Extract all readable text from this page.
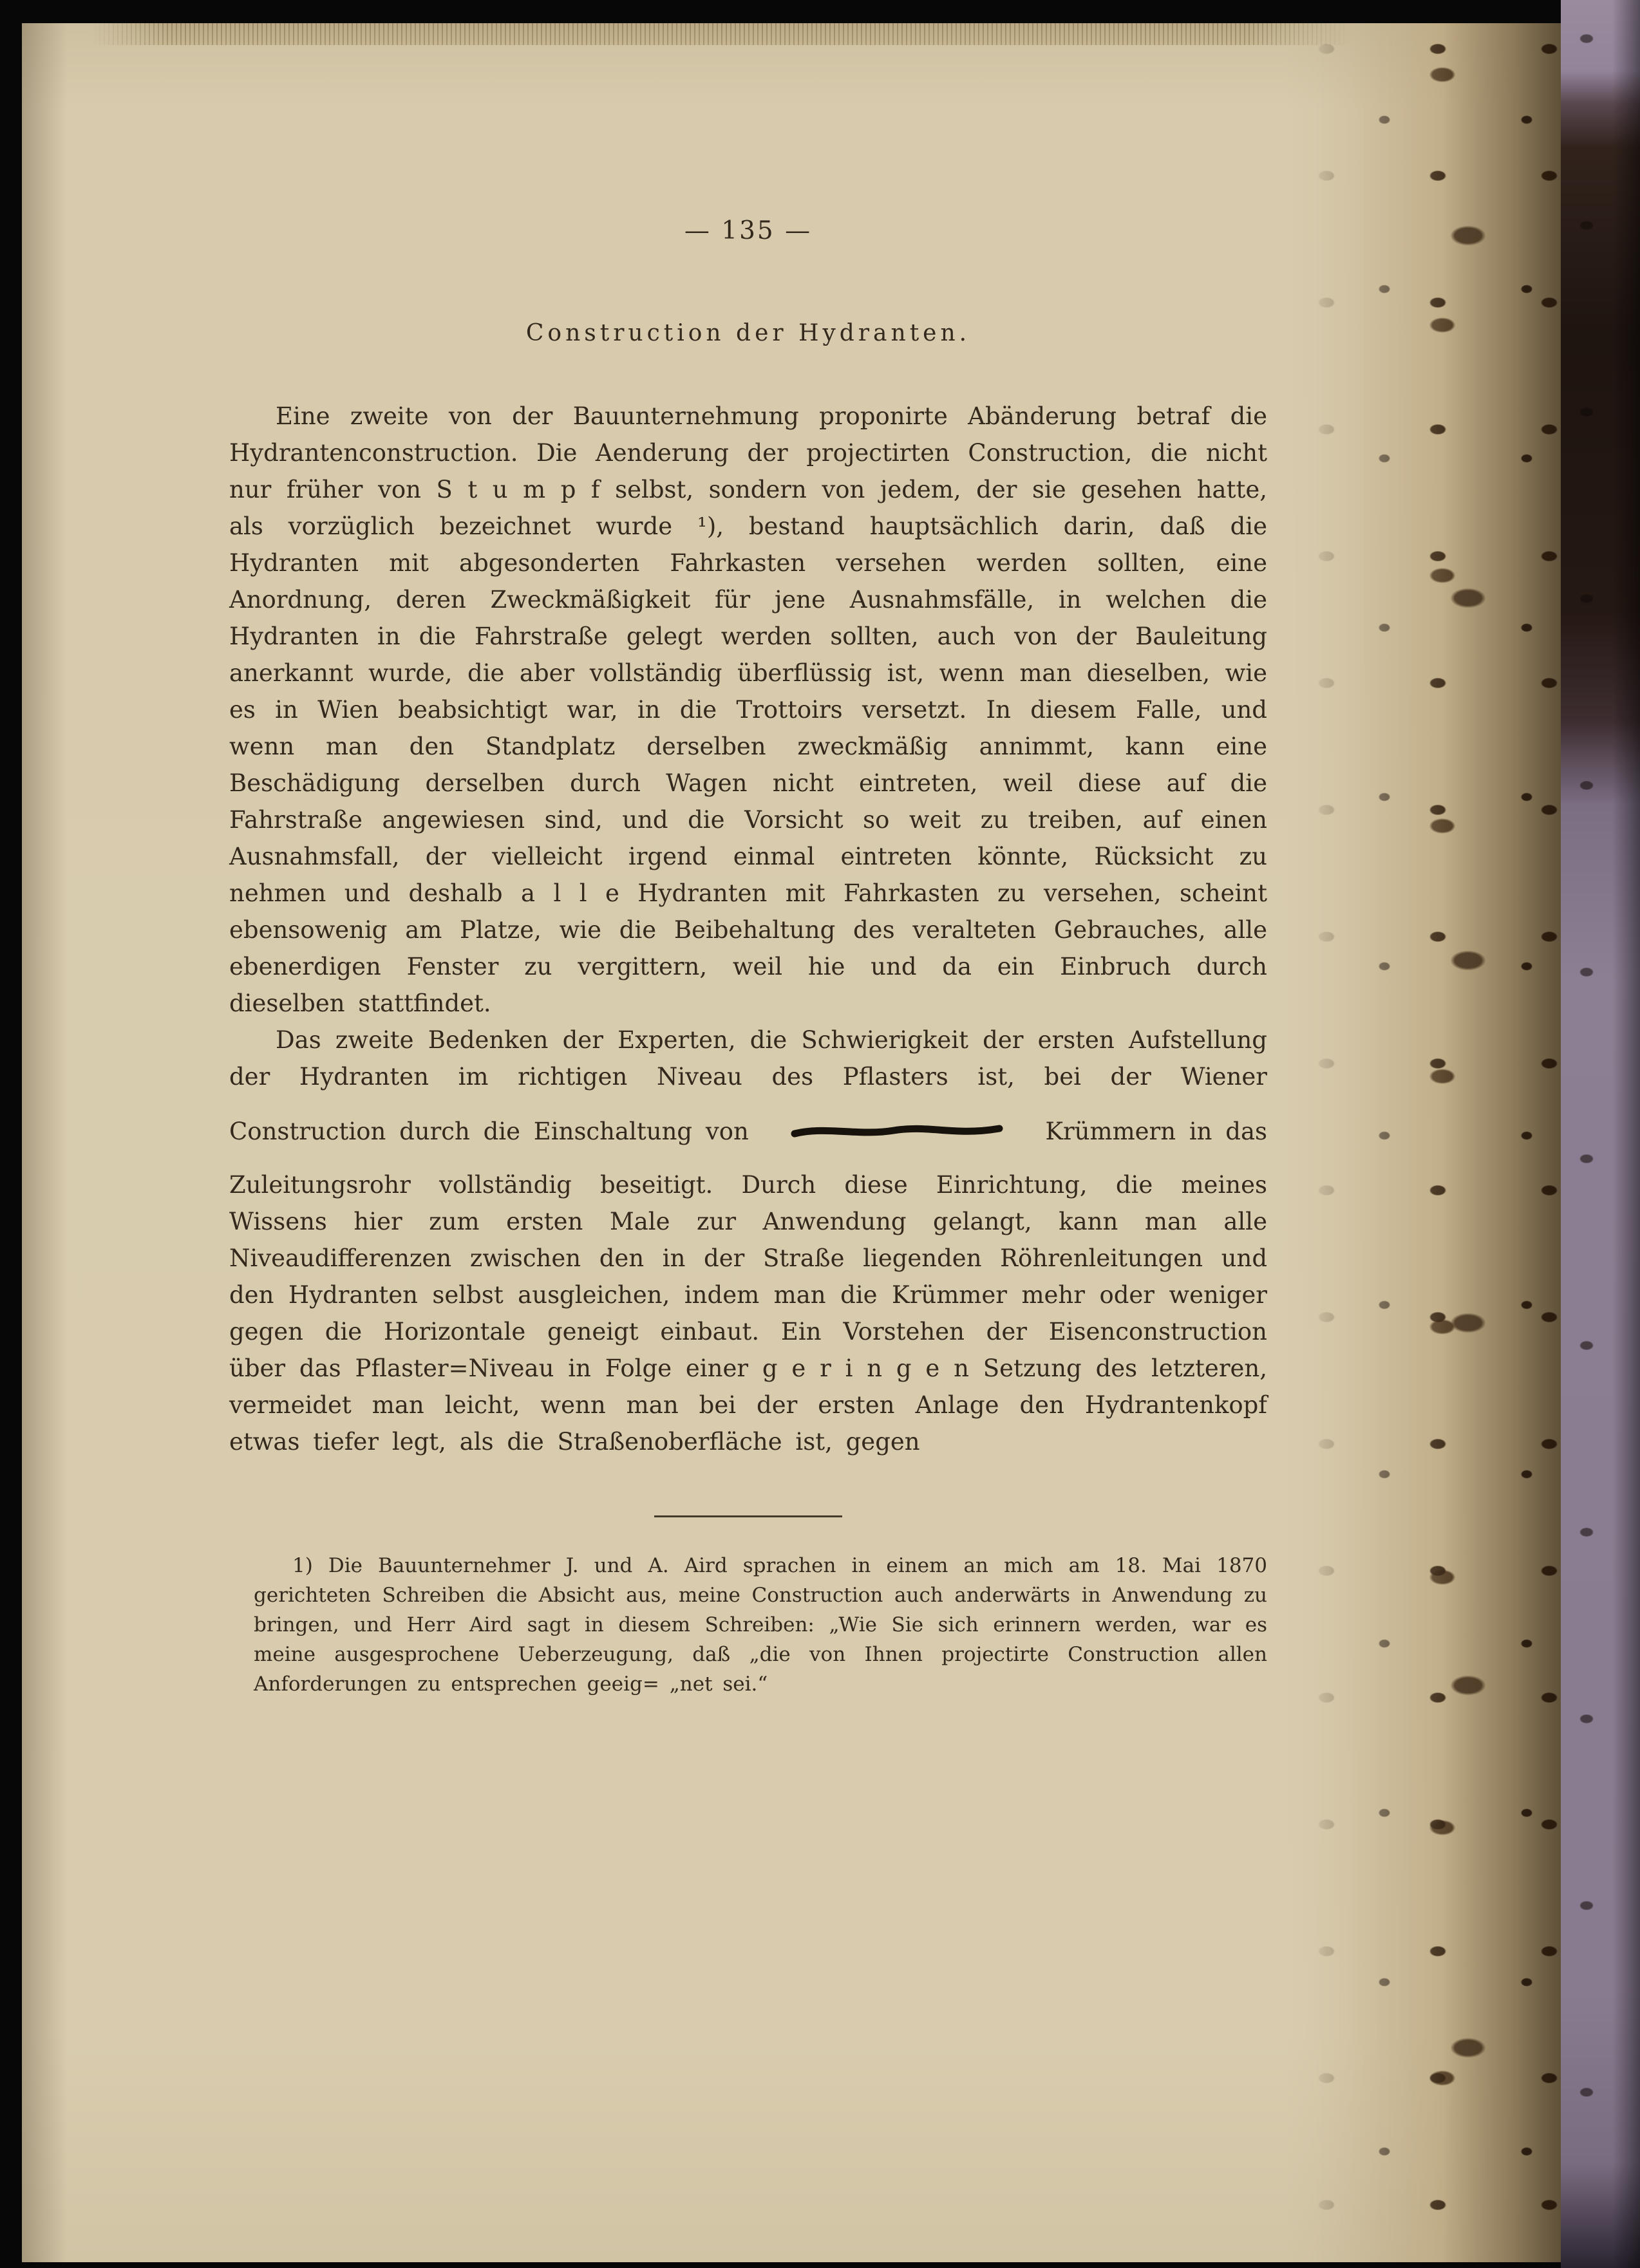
— 135 —
Construction der Hydranten.

Eine zweite von der Bauunternehmung proponirte Abänderung betraf die Hydrantenconstruction. Die Aenderung der projectirten Construction, die nicht nur früher von S t u m p f selbst, sondern von jedem, der sie gesehen hatte, als vorzüglich bezeichnet wurde ¹), bestand hauptsächlich darin, daß die Hydranten mit abgesonderten Fahrkasten versehen werden sollten, eine Anordnung, deren Zweckmäßigkeit für jene Ausnahmsfälle, in welchen die Hydranten in die Fahrstraße gelegt werden sollten, auch von der Bauleitung anerkannt wurde, die aber vollständig überflüssig ist, wenn man dieselben, wie es in Wien beabsichtigt war, in die Trottoirs versetzt. In diesem Falle, und wenn man den Standplatz derselben zweckmäßig annimmt, kann eine Beschädigung derselben durch Wagen nicht eintreten, weil diese auf die Fahrstraße angewiesen sind, und die Vorsicht so weit zu treiben, auf einen Ausnahmsfall, der vielleicht irgend einmal eintreten könnte, Rücksicht zu nehmen und deshalb a l l e Hydranten mit Fahrkasten zu versehen, scheint ebensowenig am Platze, wie die Beibehaltung des veralteten Gebrauches, alle ebenerdigen Fenster zu vergittern, weil hie und da ein Einbruch durch dieselben stattfindet.

Das zweite Bedenken der Experten, die Schwierigkeit der ersten Aufstellung der Hydranten im richtigen Niveau des Pflasters ist, bei der Wiener

Construction durch die Einschaltung von	Krümmern in das

Zuleitungsrohr vollständig beseitigt. Durch diese Einrichtung, die meines Wissens hier zum ersten Male zur Anwendung gelangt, kann man alle Niveaudifferenzen zwischen den in der Straße liegenden Röhrenleitungen und den Hydranten selbst ausgleichen, indem man die Krümmer mehr oder weniger gegen die Horizontale geneigt einbaut. Ein Vorstehen der Eisenconstruction über das Pflaster=Niveau in Folge einer g e r i n g e n Setzung des letzteren, vermeidet man leicht, wenn man bei der ersten Anlage den Hydrantenkopf etwas tiefer legt, als die Straßenoberfläche ist, gegen

1) Die Bauunternehmer J. und A. Aird sprachen in einem an mich am 18. Mai 1870 gerichteten Schreiben die Absicht aus, meine Construction auch anderwärts in Anwendung zu bringen, und Herr Aird sagt in diesem Schreiben: „Wie Sie sich erinnern werden, war es meine ausgesprochene Ueberzeugung, daß „die von Ihnen projectirte Construction allen Anforderungen zu entsprechen geeig= „net sei.“
